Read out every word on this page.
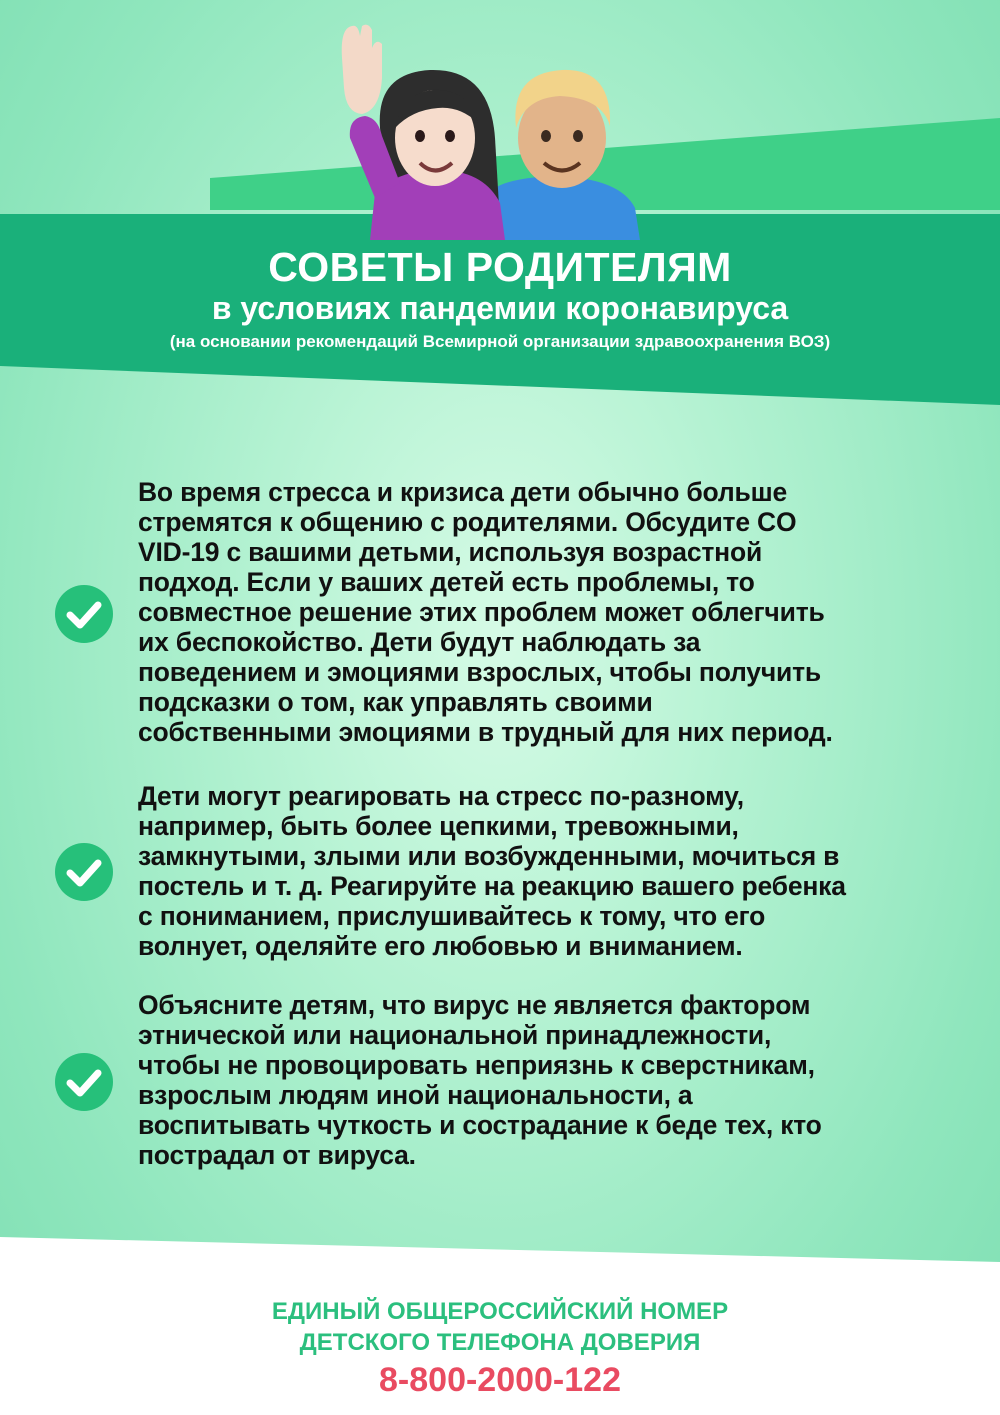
СОВЕТЫ РОДИТЕЛЯМ
в условиях пандемии коронавируса
(на основании рекомендаций Всемирной организации здравоохранения ВОЗ)
Во время стресса и кризиса дети обычно больше
стремятся к общению с родителями. Обсудите CO
VID-19 с вашими детьми, используя возрастной
подход. Если у ваших детей есть проблемы, то
совместное решение этих проблем может облегчить
их беспокойство. Дети будут наблюдать за
поведением и эмоциями взрослых, чтобы получить
подсказки о том, как управлять своими
собственными эмоциями в трудный для них период.
Дети могут реагировать на стресс по-разному,
например, быть более цепкими, тревожными,
замкнутыми, злыми или возбужденными, мочиться в
постель и т. д. Реагируйте на реакцию вашего ребенка
с пониманием, прислушивайтесь к тому, что его
волнует, оделяйте его любовью и вниманием.
Объясните детям, что вирус не является фактором
этнической или национальной принадлежности,
чтобы не провоцировать неприязнь к сверстникам,
взрослым людям иной национальности, а
воспитывать чуткость и сострадание к беде тех, кто
пострадал от вируса.
ЕДИНЫЙ ОБЩЕРОССИЙСКИЙ НОМЕР
ДЕТСКОГО ТЕЛЕФОНА ДОВЕРИЯ
8-800-2000-122
